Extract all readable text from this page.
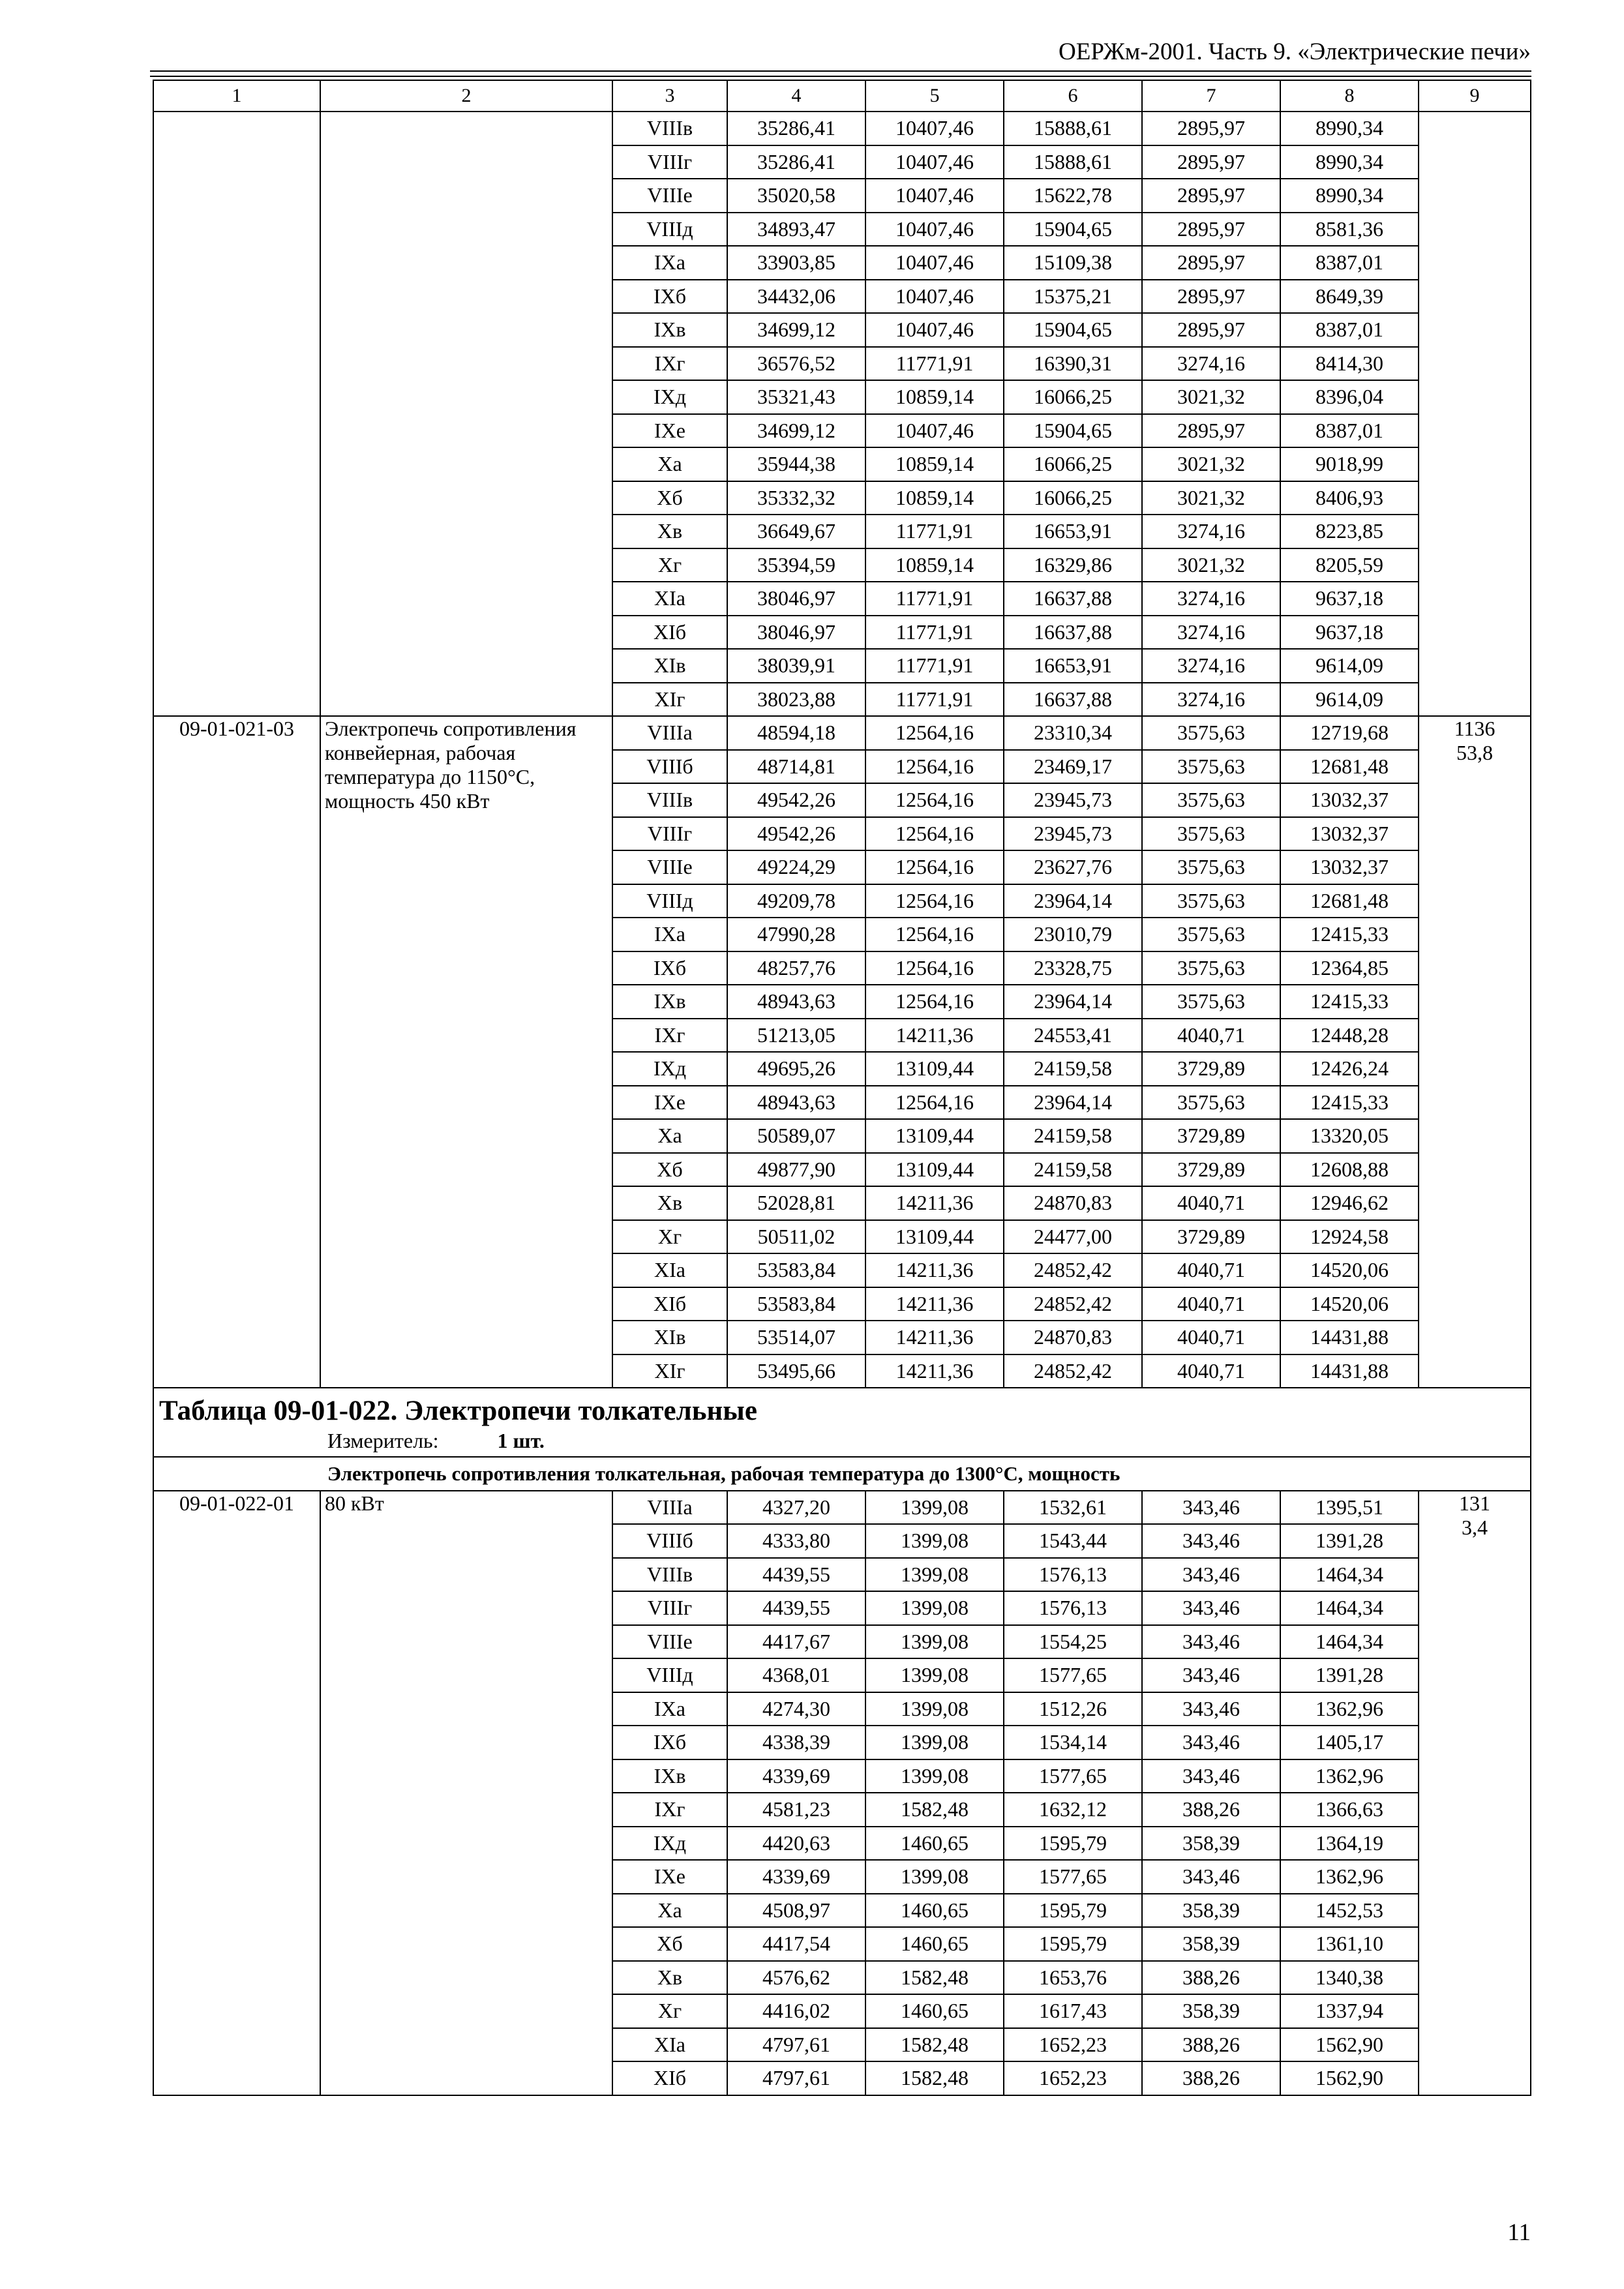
ОЕРЖм-2001. Часть 9. «Электрические печи»
1	2	3	4	5	6	7	8	9
		VIIIв	35286,41	10407,46	15888,61	2895,97	8990,34	
		VIIIг	35286,41	10407,46	15888,61	2895,97	8990,34	
		VIIIе	35020,58	10407,46	15622,78	2895,97	8990,34	
		VIIIд	34893,47	10407,46	15904,65	2895,97	8581,36	
		IXа	33903,85	10407,46	15109,38	2895,97	8387,01	
		IXб	34432,06	10407,46	15375,21	2895,97	8649,39	
		IXв	34699,12	10407,46	15904,65	2895,97	8387,01	
		IXг	36576,52	11771,91	16390,31	3274,16	8414,30	
		IXд	35321,43	10859,14	16066,25	3021,32	8396,04	
		IXе	34699,12	10407,46	15904,65	2895,97	8387,01	
		Xа	35944,38	10859,14	16066,25	3021,32	9018,99	
		Xб	35332,32	10859,14	16066,25	3021,32	8406,93	
		Xв	36649,67	11771,91	16653,91	3274,16	8223,85	
		Xг	35394,59	10859,14	16329,86	3021,32	8205,59	
		XIа	38046,97	11771,91	16637,88	3274,16	9637,18	
		XIб	38046,97	11771,91	16637,88	3274,16	9637,18	
		XIв	38039,91	11771,91	16653,91	3274,16	9614,09	
		XIг	38023,88	11771,91	16637,88	3274,16	9614,09	
09-01-021-03	Электропечь сопротивления конвейерная, рабочая температура до 1150°С, мощность 450 кВт	VIIIа	48594,18	12564,16	23310,34	3575,63	12719,68	1136
53,8

		VIIIб	48714,81	12564,16	23469,17	3575,63	12681,48	
		VIIIв	49542,26	12564,16	23945,73	3575,63	13032,37	
		VIIIг	49542,26	12564,16	23945,73	3575,63	13032,37	
		VIIIе	49224,29	12564,16	23627,76	3575,63	13032,37	
		VIIIд	49209,78	12564,16	23964,14	3575,63	12681,48	
		IXа	47990,28	12564,16	23010,79	3575,63	12415,33	
		IXб	48257,76	12564,16	23328,75	3575,63	12364,85	
		IXв	48943,63	12564,16	23964,14	3575,63	12415,33	
		IXг	51213,05	14211,36	24553,41	4040,71	12448,28	
		IXд	49695,26	13109,44	24159,58	3729,89	12426,24	
		IXе	48943,63	12564,16	23964,14	3575,63	12415,33	
		Xа	50589,07	13109,44	24159,58	3729,89	13320,05	
		Xб	49877,90	13109,44	24159,58	3729,89	12608,88	
		Xв	52028,81	14211,36	24870,83	4040,71	12946,62	
		Xг	50511,02	13109,44	24477,00	3729,89	12924,58	
		XIа	53583,84	14211,36	24852,42	4040,71	14520,06	
		XIб	53583,84	14211,36	24852,42	4040,71	14520,06	
		XIв	53514,07	14211,36	24870,83	4040,71	14431,88	
		XIг	53495,66	14211,36	24852,42	4040,71	14431,88	

Таблица 09-01-022. Электропечи толкательные
Измеритель: 1 шт.								

Электропечь сопротивления толкательная, рабочая температура до 1300°С, мощность								
09-01-022-01	80 кВт	VIIIа	4327,20	1399,08	1532,61	343,46	1395,51	131
3,4

		VIIIб	4333,80	1399,08	1543,44	343,46	1391,28	
		VIIIв	4439,55	1399,08	1576,13	343,46	1464,34	
		VIIIг	4439,55	1399,08	1576,13	343,46	1464,34	
		VIIIе	4417,67	1399,08	1554,25	343,46	1464,34	
		VIIIд	4368,01	1399,08	1577,65	343,46	1391,28	
		IXа	4274,30	1399,08	1512,26	343,46	1362,96	
		IXб	4338,39	1399,08	1534,14	343,46	1405,17	
		IXв	4339,69	1399,08	1577,65	343,46	1362,96	
		IXг	4581,23	1582,48	1632,12	388,26	1366,63	
		IXд	4420,63	1460,65	1595,79	358,39	1364,19	
		IXе	4339,69	1399,08	1577,65	343,46	1362,96	
		Xа	4508,97	1460,65	1595,79	358,39	1452,53	
		Xб	4417,54	1460,65	1595,79	358,39	1361,10	
		Xв	4576,62	1582,48	1653,76	388,26	1340,38	
		Xг	4416,02	1460,65	1617,43	358,39	1337,94	
		XIа	4797,61	1582,48	1652,23	388,26	1562,90	
		XIб	4797,61	1582,48	1652,23	388,26	1562,90	
11
